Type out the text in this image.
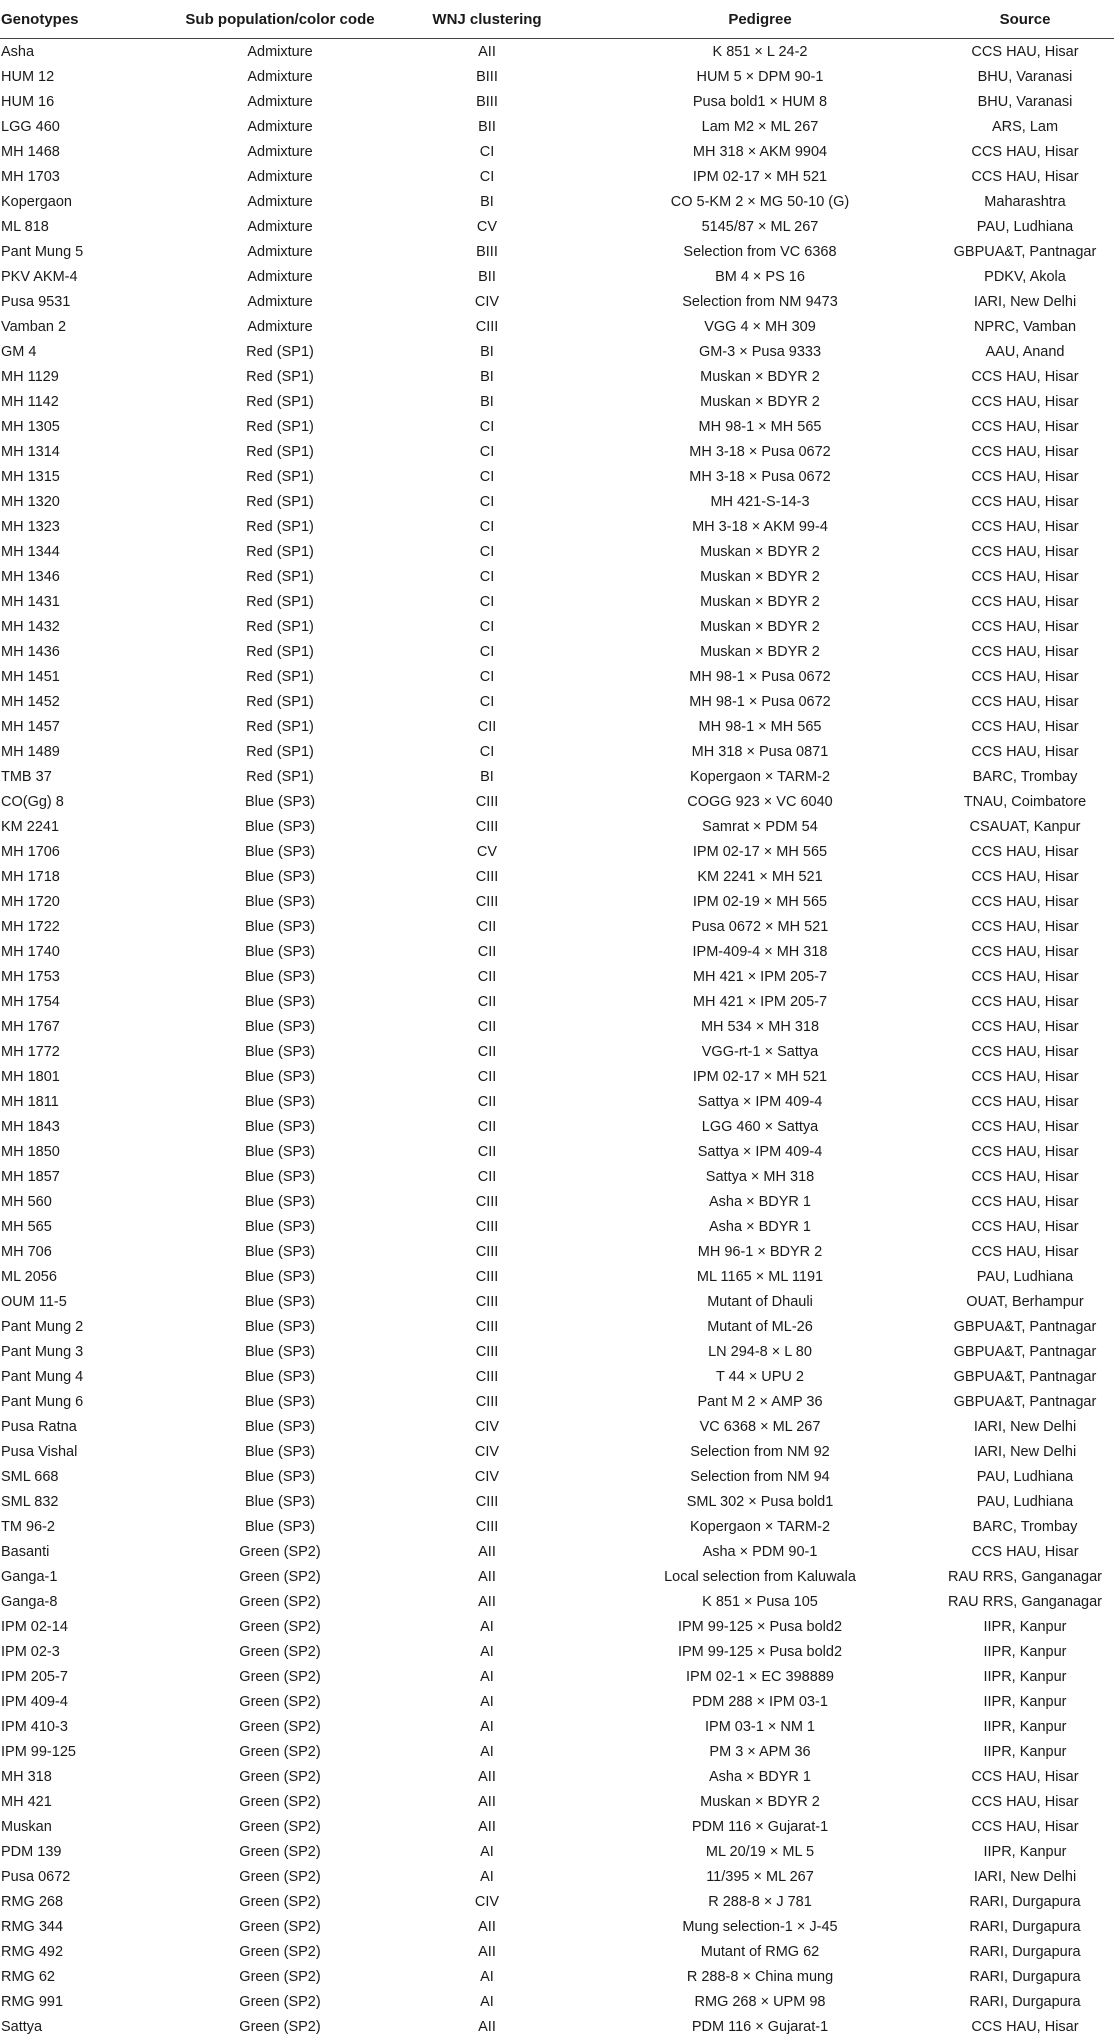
Genotypes	Sub population/color code	WNJ clustering	Pedigree	Source
Asha	Admixture	AII	K 851 × L 24-2	CCS HAU, Hisar
HUM 12	Admixture	BIII	HUM 5 × DPM 90-1	BHU, Varanasi
HUM 16	Admixture	BIII	Pusa bold1 × HUM 8	BHU, Varanasi
LGG 460	Admixture	BII	Lam M2 × ML 267	ARS, Lam
MH 1468	Admixture	CI	MH 318 × AKM 9904	CCS HAU, Hisar
MH 1703	Admixture	CI	IPM 02-17 × MH 521	CCS HAU, Hisar
Kopergaon	Admixture	BI	CO 5-KM 2 × MG 50-10 (G)	Maharashtra
ML 818	Admixture	CV	5145/87 × ML 267	PAU, Ludhiana
Pant Mung 5	Admixture	BIII	Selection from VC 6368	GBPUA&T, Pantnagar
PKV AKM-4	Admixture	BII	BM 4 × PS 16	PDKV, Akola
Pusa 9531	Admixture	CIV	Selection from NM 9473	IARI, New Delhi
Vamban 2	Admixture	CIII	VGG 4 × MH 309	NPRC, Vamban
GM 4	Red (SP1)	BI	GM-3 × Pusa 9333	AAU, Anand
MH 1129	Red (SP1)	BI	Muskan × BDYR 2	CCS HAU, Hisar
MH 1142	Red (SP1)	BI	Muskan × BDYR 2	CCS HAU, Hisar
MH 1305	Red (SP1)	CI	MH 98-1 × MH 565	CCS HAU, Hisar
MH 1314	Red (SP1)	CI	MH 3-18 × Pusa 0672	CCS HAU, Hisar
MH 1315	Red (SP1)	CI	MH 3-18 × Pusa 0672	CCS HAU, Hisar
MH 1320	Red (SP1)	CI	MH 421-S-14-3	CCS HAU, Hisar
MH 1323	Red (SP1)	CI	MH 3-18 × AKM 99-4	CCS HAU, Hisar
MH 1344	Red (SP1)	CI	Muskan × BDYR 2	CCS HAU, Hisar
MH 1346	Red (SP1)	CI	Muskan × BDYR 2	CCS HAU, Hisar
MH 1431	Red (SP1)	CI	Muskan × BDYR 2	CCS HAU, Hisar
MH 1432	Red (SP1)	CI	Muskan × BDYR 2	CCS HAU, Hisar
MH 1436	Red (SP1)	CI	Muskan × BDYR 2	CCS HAU, Hisar
MH 1451	Red (SP1)	CI	MH 98-1 × Pusa 0672	CCS HAU, Hisar
MH 1452	Red (SP1)	CI	MH 98-1 × Pusa 0672	CCS HAU, Hisar
MH 1457	Red (SP1)	CII	MH 98-1 × MH 565	CCS HAU, Hisar
MH 1489	Red (SP1)	CI	MH 318 × Pusa 0871	CCS HAU, Hisar
TMB 37	Red (SP1)	BI	Kopergaon × TARM-2	BARC, Trombay
CO(Gg) 8	Blue (SP3)	CIII	COGG 923 × VC 6040	TNAU, Coimbatore
KM 2241	Blue (SP3)	CIII	Samrat × PDM 54	CSAUAT, Kanpur
MH 1706	Blue (SP3)	CV	IPM 02-17 × MH 565	CCS HAU, Hisar
MH 1718	Blue (SP3)	CIII	KM 2241 × MH 521	CCS HAU, Hisar
MH 1720	Blue (SP3)	CIII	IPM 02-19 × MH 565	CCS HAU, Hisar
MH 1722	Blue (SP3)	CII	Pusa 0672 × MH 521	CCS HAU, Hisar
MH 1740	Blue (SP3)	CII	IPM-409-4 × MH 318	CCS HAU, Hisar
MH 1753	Blue (SP3)	CII	MH 421 × IPM 205-7	CCS HAU, Hisar
MH 1754	Blue (SP3)	CII	MH 421 × IPM 205-7	CCS HAU, Hisar
MH 1767	Blue (SP3)	CII	MH 534 × MH 318	CCS HAU, Hisar
MH 1772	Blue (SP3)	CII	VGG-rt-1 × Sattya	CCS HAU, Hisar
MH 1801	Blue (SP3)	CII	IPM 02-17 × MH 521	CCS HAU, Hisar
MH 1811	Blue (SP3)	CII	Sattya × IPM 409-4	CCS HAU, Hisar
MH 1843	Blue (SP3)	CII	LGG 460 × Sattya	CCS HAU, Hisar
MH 1850	Blue (SP3)	CII	Sattya × IPM 409-4	CCS HAU, Hisar
MH 1857	Blue (SP3)	CII	Sattya × MH 318	CCS HAU, Hisar
MH 560	Blue (SP3)	CIII	Asha × BDYR 1	CCS HAU, Hisar
MH 565	Blue (SP3)	CIII	Asha × BDYR 1	CCS HAU, Hisar
MH 706	Blue (SP3)	CIII	MH 96-1 × BDYR 2	CCS HAU, Hisar
ML 2056	Blue (SP3)	CIII	ML 1165 × ML 1191	PAU, Ludhiana
OUM 11-5	Blue (SP3)	CIII	Mutant of Dhauli	OUAT, Berhampur
Pant Mung 2	Blue (SP3)	CIII	Mutant of ML-26	GBPUA&T, Pantnagar
Pant Mung 3	Blue (SP3)	CIII	LN 294-8 × L 80	GBPUA&T, Pantnagar
Pant Mung 4	Blue (SP3)	CIII	T 44 × UPU 2	GBPUA&T, Pantnagar
Pant Mung 6	Blue (SP3)	CIII	Pant M 2 × AMP 36	GBPUA&T, Pantnagar
Pusa Ratna	Blue (SP3)	CIV	VC 6368 × ML 267	IARI, New Delhi
Pusa Vishal	Blue (SP3)	CIV	Selection from NM 92	IARI, New Delhi
SML 668	Blue (SP3)	CIV	Selection from NM 94	PAU, Ludhiana
SML 832	Blue (SP3)	CIII	SML 302 × Pusa bold1	PAU, Ludhiana
TM 96-2	Blue (SP3)	CIII	Kopergaon × TARM-2	BARC, Trombay
Basanti	Green (SP2)	AII	Asha × PDM 90-1	CCS HAU, Hisar
Ganga-1	Green (SP2)	AII	Local selection from Kaluwala	RAU RRS, Ganganagar
Ganga-8	Green (SP2)	AII	K 851 × Pusa 105	RAU RRS, Ganganagar
IPM 02-14	Green (SP2)	AI	IPM 99-125 × Pusa bold2	IIPR, Kanpur
IPM 02-3	Green (SP2)	AI	IPM 99-125 × Pusa bold2	IIPR, Kanpur
IPM 205-7	Green (SP2)	AI	IPM 02-1 × EC 398889	IIPR, Kanpur
IPM 409-4	Green (SP2)	AI	PDM 288 × IPM 03-1	IIPR, Kanpur
IPM 410-3	Green (SP2)	AI	IPM 03-1 × NM 1	IIPR, Kanpur
IPM 99-125	Green (SP2)	AI	PM 3 × APM 36	IIPR, Kanpur
MH 318	Green (SP2)	AII	Asha × BDYR 1	CCS HAU, Hisar
MH 421	Green (SP2)	AII	Muskan × BDYR 2	CCS HAU, Hisar
Muskan	Green (SP2)	AII	PDM 116 × Gujarat-1	CCS HAU, Hisar
PDM 139	Green (SP2)	AI	ML 20/19 × ML 5	IIPR, Kanpur
Pusa 0672	Green (SP2)	AI	11/395 × ML 267	IARI, New Delhi
RMG 268	Green (SP2)	CIV	R 288-8 × J 781	RARI, Durgapura
RMG 344	Green (SP2)	AII	Mung selection-1 × J-45	RARI, Durgapura
RMG 492	Green (SP2)	AII	Mutant of RMG 62	RARI, Durgapura
RMG 62	Green (SP2)	AI	R 288-8 × China mung	RARI, Durgapura
RMG 991	Green (SP2)	AI	RMG 268 × UPM 98	RARI, Durgapura
Sattya	Green (SP2)	AII	PDM 116 × Gujarat-1	CCS HAU, Hisar
